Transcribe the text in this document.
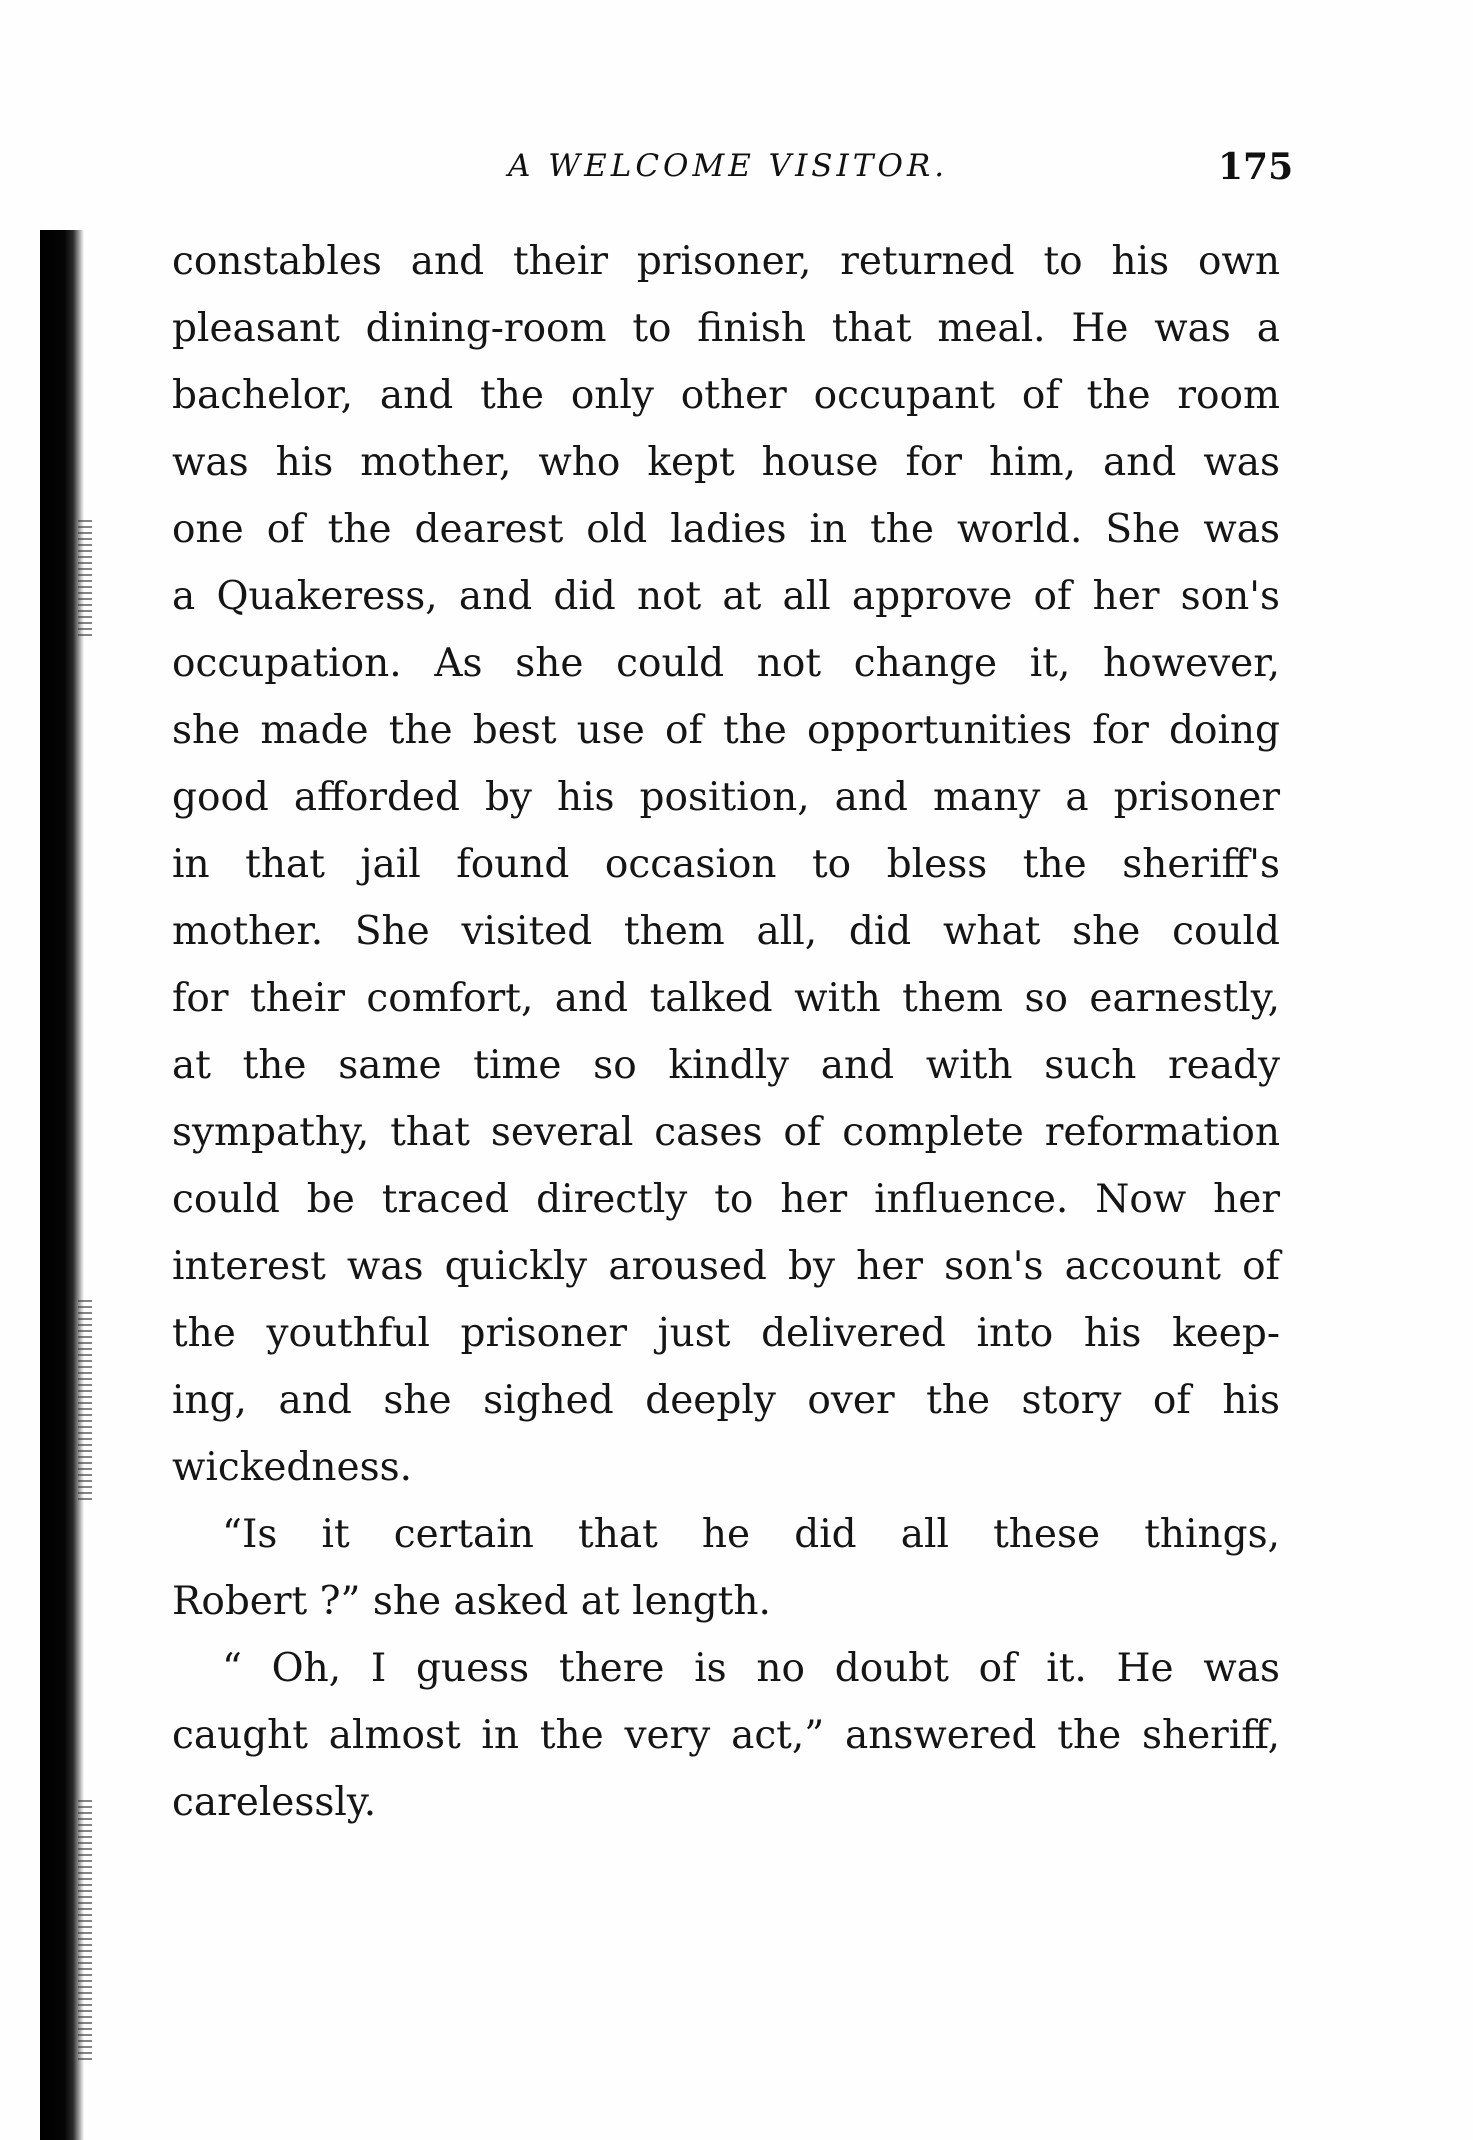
A WELCOME VISITOR.	175
constables and their prisoner, returned to his own
pleasant dining-room to finish that meal. He was a
bachelor, and the only other occupant of the room
was his mother, who kept house for him, and was
one of the dearest old ladies in the world. She was
a Quakeress, and did not at all approve of her son's
occupation. As she could not change it, however,
she made the best use of the opportunities for doing
good afforded by his position, and many a prisoner
in that jail found occasion to bless the sheriff's
mother. She visited them all, did what she could
for their comfort, and talked with them so earnestly,
at the same time so kindly and with such ready
sympathy, that several cases of complete reformation
could be traced directly to her influence. Now her
interest was quickly aroused by her son's account of
the youthful prisoner just delivered into his keep-
ing, and she sighed deeply over the story of his
wickedness.
“Is it certain that he did all these things,
Robert ?” she asked at length.
“ Oh, I guess there is no doubt of it. He was
caught almost in the very act,” answered the sheriff,
carelessly.
